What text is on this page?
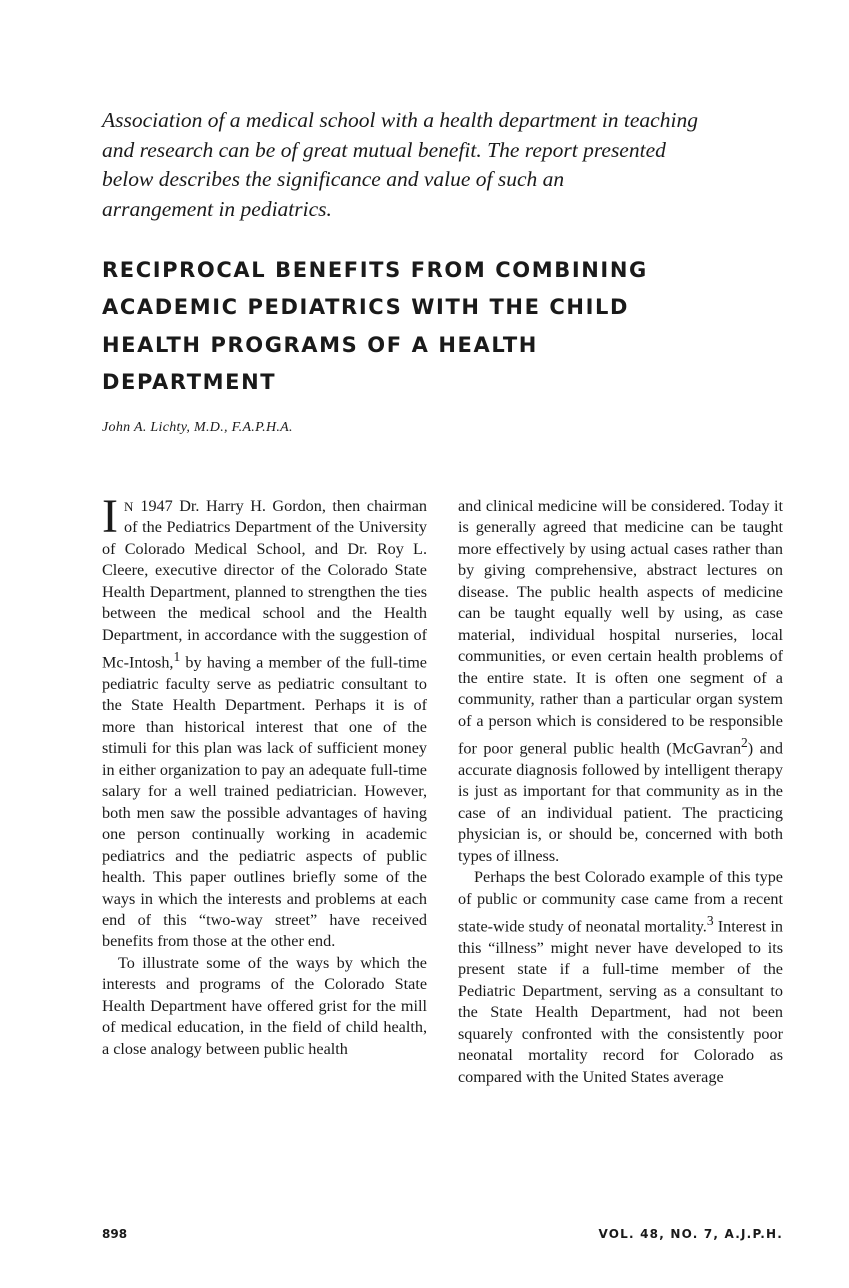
Association of a medical school with a health department in teaching

and research can be of great mutual benefit. The report presented

below describes the significance and value of such an

arrangement in pediatrics.

RECIPROCAL BENEFITS FROM COMBINING
ACADEMIC PEDIATRICS WITH THE CHILD
HEALTH PROGRAMS OF A HEALTH
DEPARTMENT
John A. Lichty, M.D., F.A.P.H.A.

I N 1947 Dr. Harry H. Gordon, then chairman of the Pediatrics Department of the University of Colorado Medical School, and Dr. Roy L. Cleere, executive director of the Colorado State Health Department, planned to strengthen the ties between the medical school and the Health Department, in accordance with the suggestion of Mc-Intosh,$^1$ by having a member of the full-time pediatric faculty serve as pediatric consultant to the State Health Department. Perhaps it is of more than historical interest that one of the stimuli for this plan was lack of sufficient money in either organization to pay an adequate full-time salary for a well trained pediatrician. However, both men saw the possible advantages of having one person continually working in academic pediatrics and the pediatric aspects of public health. This paper outlines briefly some of the ways in which the interests and problems at each end of this “two-way street” have received benefits from those at the other end.

To illustrate some of the ways by which the interests and programs of the Colorado State Health Department have offered grist for the mill of medical education, in the field of child health, a close analogy between public health

and clinical medicine will be considered. Today it is generally agreed that medicine can be taught more effectively by using actual cases rather than by giving comprehensive, abstract lectures on disease. The public health aspects of medicine can be taught equally well by using, as case material, individual hospital nurseries, local communities, or even certain health problems of the entire state. It is often one segment of a community, rather than a particular organ system of a person which is considered to be responsible for poor general public health (McGavran$^2$) and accurate diagnosis followed by intelligent therapy is just as important for that community as in the case of an individual patient. The practicing physician is, or should be, concerned with both types of illness.

Perhaps the best Colorado example of this type of public or community case came from a recent state-wide study of neonatal mortality.$^3$ Interest in this “illness” might never have developed to its present state if a full-time member of the Pediatric Department, serving as a consultant to the State Health Department, had not been squarely confronted with the consistently poor neonatal mortality record for Colorado as compared with the United States average

898	VOL. 48, NO. 7, A.J.P.H.
